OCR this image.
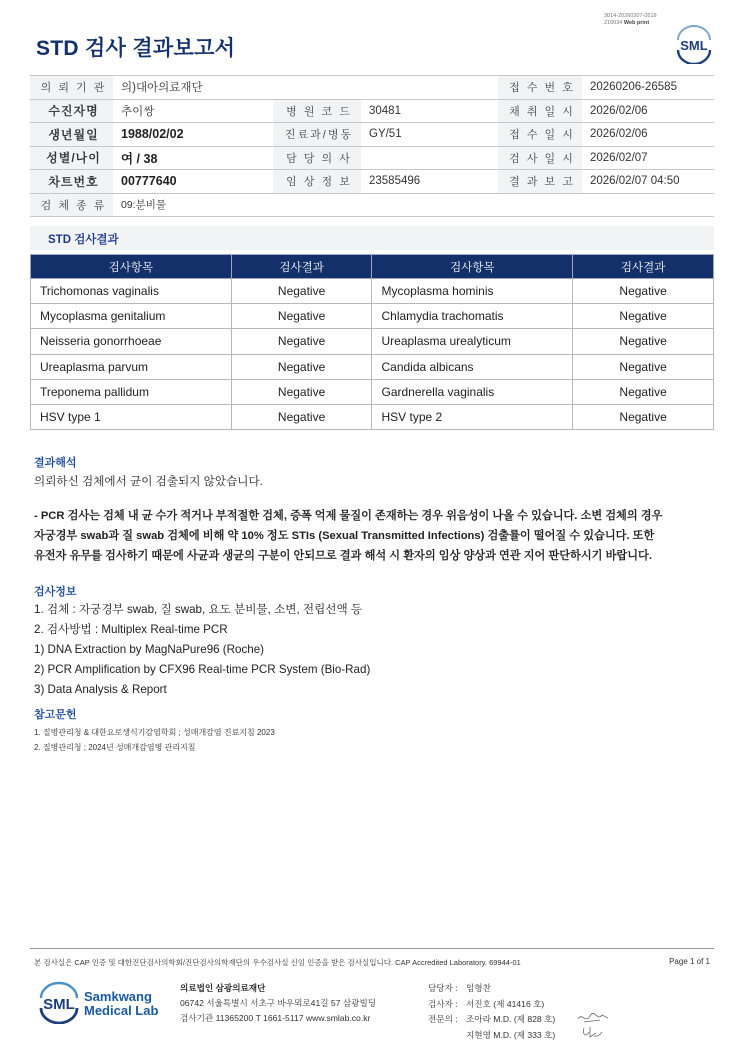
3014-20260207-0519
210034 Web print
STD 검사 결과보고서	SML
의 뢰 기 관	의)대아의료재단			접 수 번 호	20260206-26585
수진자명	추이쌍	병 원 코 드	30481	채 취 일 시	2026/02/06
생년월일	1988/02/02	진료과/병동	GY/51	접 수 일 시	2026/02/06
성별/나이	여 / 38	담 당 의 사		검 사 일 시	2026/02/07
차트번호	00777640	임 상 정 보	23585496	결 과 보 고	2026/02/07 04:50
검 체 종 류	09:분비물				
STD 검사결과
검사항목	검사결과	검사항목	검사결과
Trichomonas vaginalis	Negative	Mycoplasma hominis	Negative
Mycoplasma genitalium	Negative	Chlamydia trachomatis	Negative
Neisseria gonorrhoeae	Negative	Ureaplasma urealyticum	Negative
Ureaplasma parvum	Negative	Candida albicans	Negative
Treponema pallidum	Negative	Gardnerella vaginalis	Negative
HSV type 1	Negative	HSV type 2	Negative
결과해석
의뢰하신 검체에서 균이 검출되지 않았습니다.
- PCR 검사는 검체 내 균 수가 적거나 부적절한 검체, 증폭 억제 물질이 존재하는 경우 위음성이 나올 수 있습니다. 소변 검체의 경우
자궁경부 swab과 질 swab 검체에 비해 약 10% 정도 STIs (Sexual Transmitted Infections) 검출률이 떨어질 수 있습니다. 또한
유전자 유무를 검사하기 때문에 사균과 생균의 구분이 안되므로 결과 해석 시 환자의 임상 양상과 연관 지어 판단하시기 바랍니다.
검사정보
1. 검체 : 자궁경부 swab, 질 swab, 요도 분비물, 소변, 전립선액 등
2. 검사방법 : Multiplex Real-time PCR
1) DNA Extraction by MagNaPure96 (Roche)
2) PCR Amplification by CFX96 Real-time PCR System (Bio-Rad)
3) Data Analysis & Report
참고문헌
1. 질병관리청 & 대한요로생식기감염학회 ; 성매개감염 진료지침 2023
2. 질병관리청 ; 2024년 성매개감염병 관리지침
본 검사실은 CAP 인증 및 대한진단검사의학회/진단검사의학재단의 우수검사실 신임 인증을 받은 검사실입니다. CAP Accredited Laboratory. 69944-01	Page 1 of 1
SML Samkwang
Medical Lab
의료법인 삼광의료재단
06742 서울특별시 서초구 바우뫼로41길 57 삼광빌딩
검사기관 11365200 T 1661-5117 www.smlab.co.kr
담당자 : 임형찬
검사자 : 서진호 (제 41416 호)
전문의 : 조아라 M.D. (제 828 호)
지현영 M.D. (제 333 호)
